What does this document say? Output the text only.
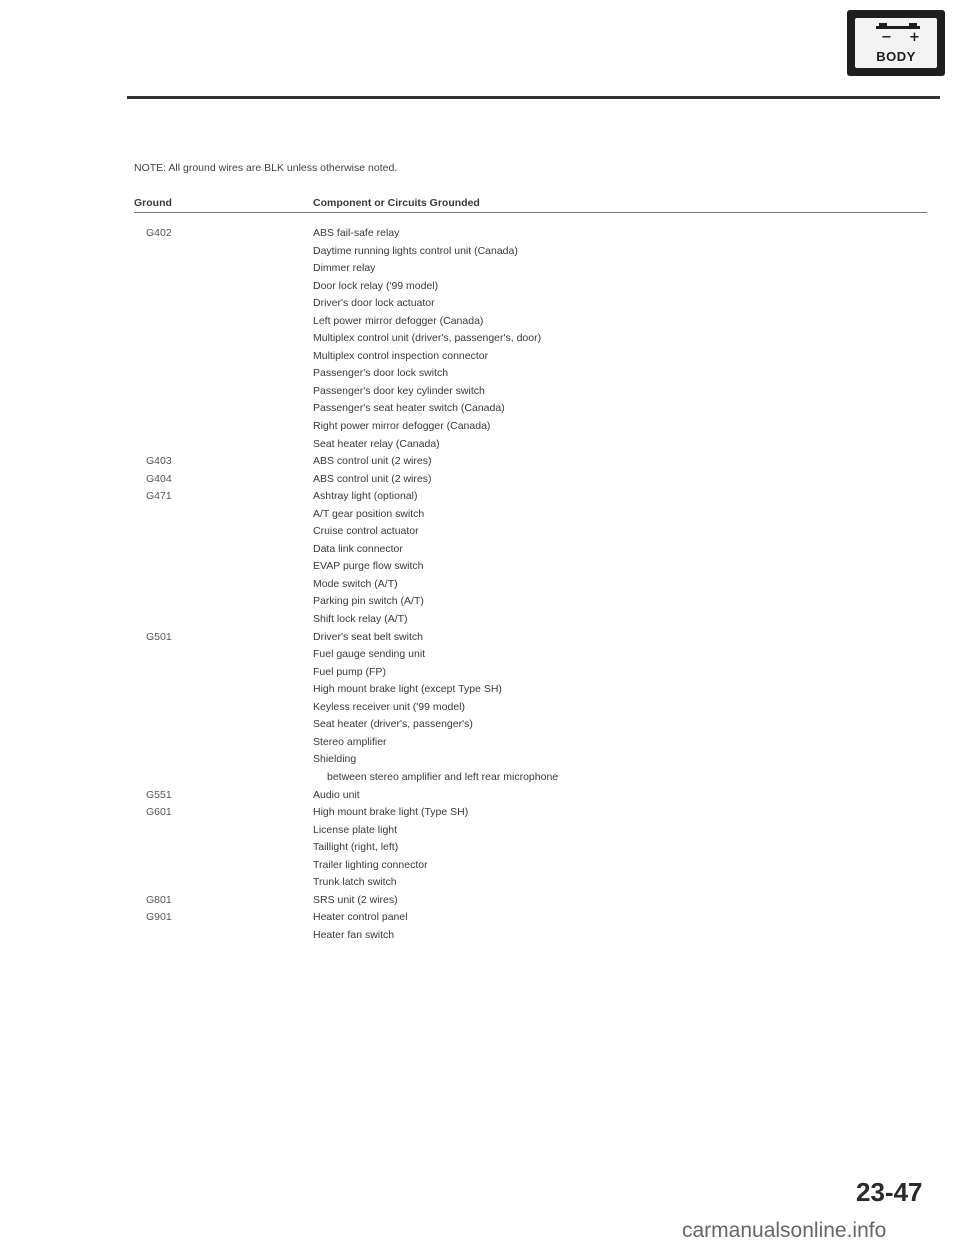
− +
BODY
NOTE: All ground wires are BLK unless otherwise noted.
Ground	Component or Circuits Grounded
G402	ABS fail-safe relay
Daytime running lights control unit (Canada)
Dimmer relay
Door lock relay ('99 model)
Driver's door lock actuator
Left power mirror defogger (Canada)
Multiplex control unit (driver's, passenger's, door)
Multiplex control inspection connector
Passenger's door lock switch
Passenger's door key cylinder switch
Passenger's seat heater switch (Canada)
Right power mirror defogger (Canada)
Seat heater relay (Canada)
G403	ABS control unit (2 wires)
G404	ABS control unit (2 wires)
G471	Ashtray light (optional)
A/T gear position switch
Cruise control actuator
Data link connector
EVAP purge flow switch
Mode switch (A/T)
Parking pin switch (A/T)
Shift lock relay (A/T)
G501	Driver's seat belt switch
Fuel gauge sending unit
Fuel pump (FP)
High mount brake light (except Type SH)
Keyless receiver unit ('99 model)
Seat heater (driver's, passenger's)
Stereo amplifier
Shielding
between stereo amplifier and left rear microphone
G551	Audio unit
G601	High mount brake light (Type SH)
License plate light
Taillight (right, left)
Trailer lighting connector
Trunk latch switch
G801	SRS unit (2 wires)
G901	Heater control panel
Heater fan switch
23-47
carmanualsonline.info
